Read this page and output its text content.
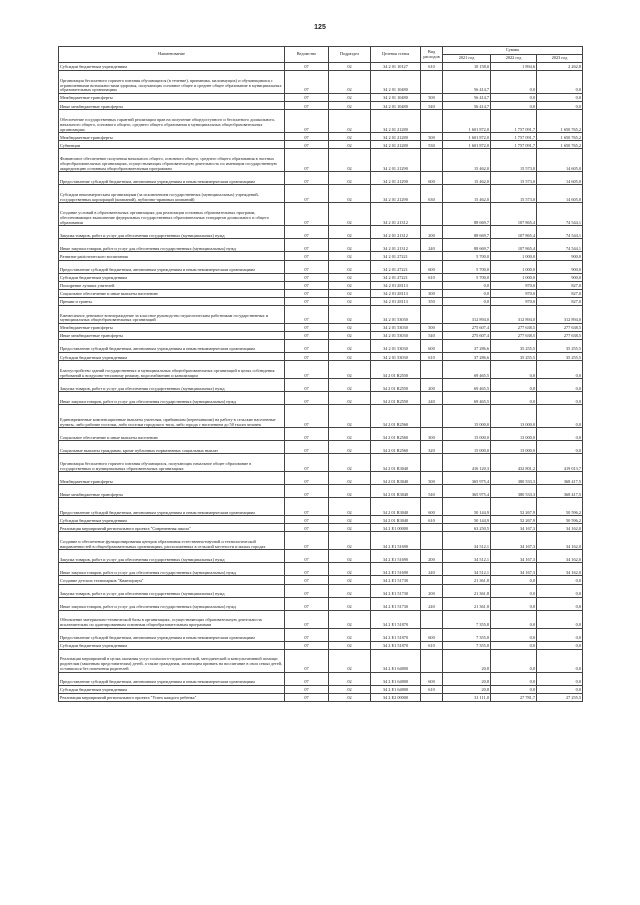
125
Наименование	Ведомство	Подраздел	Целевая статья	Вид расходов	Суммы		
					2021 год	2022 год	2023 год
Субсидии бюджетным учреждениям	07	02	34 2 01 10127	610	10 158,0	1 894,6	2 262,8
Организация бесплатного горячего питания обучающихся (в течение), приемника, малоимущих) и обучающимися с ограниченными возможностями здоровья, получающих основное общее и среднее общее образование в муниципальных образовательных организациях	07	02	34 2 01 10480		56 414,7	0,0	0,0
Межбюджетные трансферты	07	02	34 2 01 10480	500	56 414,7	0,0	0,0
Иные межбюджетные трансферты	07	02	34 2 01 10480	540	56 414,7	0,0	0,0
Обеспечение государственных гарантий реализации прав на получение общедоступного и бесплатного дошкольного, начального общего, основного общего, среднего общего образования в муниципальных общеобразовательных организациях	07	02	34 2 01 21280		1 601 872,0	1 757 091,7	1 650 765,2
Межбюджетные трансферты	07	02	34 2 01 21280	500	1 601 872,0	1 757 091,7	1 650 765,2
Субвенции	07	02	34 2 01 21280	530	1 601 872,0	1 757 091,7	1 650 765,2
Финансовое обеспечение получения начального общего, основного общего, среднего общего образования в частных общеобразовательных организациях, осуществляющих образовательную деятельность по имеющим государственную аккредитацию основным общеобразовательным программам	07	02	34 2 01 21290		15 462,0	15 573,0	14 605,0
Предоставление субсидий бюджетным, автономным учреждениям и иным некоммерческим организациям	07	02	34 2 01 21290	600	15 462,0	15 573,0	14 605,0
Субсидии некоммерческим организациям (за исключением государственных (муниципальных) учреждений, государственных корпораций (компаний), публично-правовых компаний)	07	02	34 2 01 21290	630	15 462,0	15 573,0	14 605,0
Создание условий в образовательных организациях для реализации основных образовательных программ, обеспечивающих выполнение федеральных государственных образовательных стандартов дошкольного и общего образования	07	02	34 2 01 21312		88 669,7	107 865,4	74 544,1
Закупка товаров, работ и услуг для обеспечения государственных (муниципальных) нужд	07	02	34 2 01 21312	200	88 669,7	107 865,4	74 544,1
Иные закупки товаров, работ и услуг для обеспечения государственных (муниципальных) нужд	07	02	34 2 01 21312	240	88 669,7	107 865,4	74 544,1
Развитие patriотического воспитания	07	02	34 2 01 27221		5 700,0	1 000,0	900,0
Предоставление субсидий бюджетным, автономным учреждениям и иным некоммерческим организациям	07	02	34 2 01 27221	600	5 700,0	1 000,0	900,0
Субсидии бюджетным учреждениям	07	02	34 2 01 27221	610	5 700,0	1 000,0	900,0
Поощрение лучших учителей	07	02	34 2 01 28113		0,0	870,0	827,0
Социальное обеспечение и иные выплаты населению	07	02	34 2 01 28113	300	0,0	870,0	827,0
Премии и гранты	07	02	34 2 01 28113	350	0,0	870,0	827,0
Ежемесячное денежное вознаграждение за классное руководство педагогическим работникам государственных и муниципальных общеобразовательных организаций	07	02	34 2 01 53030		312 894,0	312 894,0	312 894,0
Межбюджетные трансферты	07	02	34 2 01 53030	500	275 607,4	277 638,5	277 638,5
Иные межбюджетные трансферты	07	02	34 2 01 53030	540	275 607,4	277 638,5	277 638,5
Предоставление субсидий бюджетным, автономным учреждениям и иным некоммерческим организациям	07	02	34 2 01 53030	600	37 286,6	35 255,5	35 255,5
Субсидии бюджетным учреждениям	07	02	34 2 01 53030	610	37 286,6	35 255,5	35 255,5
Благоустройство зданий государственных и муниципальных общеобразовательных организаций в целях соблюдения требований к воздушно-тепловому режиму, водоснабжению и канализации	07	02	34 2 01 R2550		69 465,5	0,0	0,0
Закупка товаров, работ и услуг для обеспечения государственных (муниципальных) нужд	07	02	34 2 01 R2550	200	69 465,5	0,0	0,0
Иные закупки товаров, работ и услуг для обеспечения государственных (муниципальных) нужд	07	02	34 2 01 R2550	240	69 465,5	0,0	0,0
Единовременные компенсационные выплаты учителям, прибывшим (переехавшим) на работу в сельские населенные пункты, либо рабочие поселки, либо поселки городского типа, либо города с населением до 50 тысяч человек	07	02	34 2 01 R2560		15 000,0	13 000,0	0,0
Социальное обеспечение и иные выплаты населению	07	02	34 2 01 R2560	300	15 000,0	13 000,0	0,0
Социальные выплаты гражданам, кроме публичных нормативных социальных выплат	07	02	34 2 01 R2560	320	15 000,0	13 000,0	0,0
Организация бесплатного горячего питания обучающихся, получающих начальное общее образование в государственных и муниципальных образовательных организациях	07	02	34 2 01 R3040		416 120,3	432 801,2	419 013,7
Межбюджетные трансферты	07	02	34 2 01 R3040	500	365 975,4	380 533,3	368 417,5
Иные межбюджетные трансферты	07	02	34 2 01 R3040	540	365 975,4	380 533,3	368 417,5
Предоставление субсидий бюджетным, автономным учреждениям и иным некоммерческим организациям	07	02	34 2 01 R3040	600	50 144,9	52 267,9	50 596,2
Субсидии бюджетным учреждениям	07	02	34 2 01 R3040	610	50 144,9	52 267,9	50 596,2
Реализация мероприятий регионального проекта "Современная школа"	07	02	34 2 E1 00000		63 250,5	34 167,3	34 162,0
Создание и обеспечение функционирования центров образования естественно-научной и технологической направленностей в общеобразовательных организациях, расположенных в сельской местности и малых городах	07	02	34 2 E1 51690		34 512,1	34 167,3	34 162,0
Закупка товаров, работ и услуг для обеспечения государственных (муниципальных) нужд	07	02	34 2 E1 51690	200	34 512,1	34 167,3	34 162,0
Иные закупки товаров, работ и услуг для обеспечения государственных (муниципальных) нужд	07	02	34 2 E1 51690	240	34 512,1	34 167,3	34 162,0
Создание детских технопарков "Кванториум"	07	02	34 2 E1 51730		21 361,8	0,0	0,0
Закупка товаров, работ и услуг для обеспечения государственных (муниципальных) нужд	07	02	34 2 E1 51730	200	21 361,8	0,0	0,0
Иные закупки товаров, работ и услуг для обеспечения государственных (муниципальных) нужд	07	02	34 2 E1 51730	240	21 361,8	0,0	0,0
Обновление материально-технической базы в организациях, осуществляющих образовательную деятельность исключительно по адаптированным основным общеобразовательным программам	07	02	34 2 E1 51870		7 355,8	0,0	0,0
Предоставление субсидий бюджетным, автономным учреждениям и иным некоммерческим организациям	07	02	34 2 E1 51870	600	7 355,8	0,0	0,0
Субсидии бюджетным учреждениям	07	02	34 2 E1 51870	610	7 355,8	0,0	0,0
Реализация мероприятий в целях оказания услуг психолого-педагогической, методической и консультативной помощи родителям (законным представителям) детей, а также гражданам, желающим принять на воспитание в свои семьи детей, оставшихся без попечения родителей	07	02	34 2 E1 64800		20,8	0,0	0,0
Предоставление субсидий бюджетным, автономным учреждениям и иным некоммерческим организациям	07	02	34 2 E1 64800	600	20,8	0,0	0,0
Субсидии бюджетным учреждениям	07	02	34 2 E1 64800	610	20,8	0,0	0,0
Реализация мероприятий регионального проекта "Успех каждого ребенка"	07	02	34 2 E2 00000		31 111,0	27 781,7	27 255,5
